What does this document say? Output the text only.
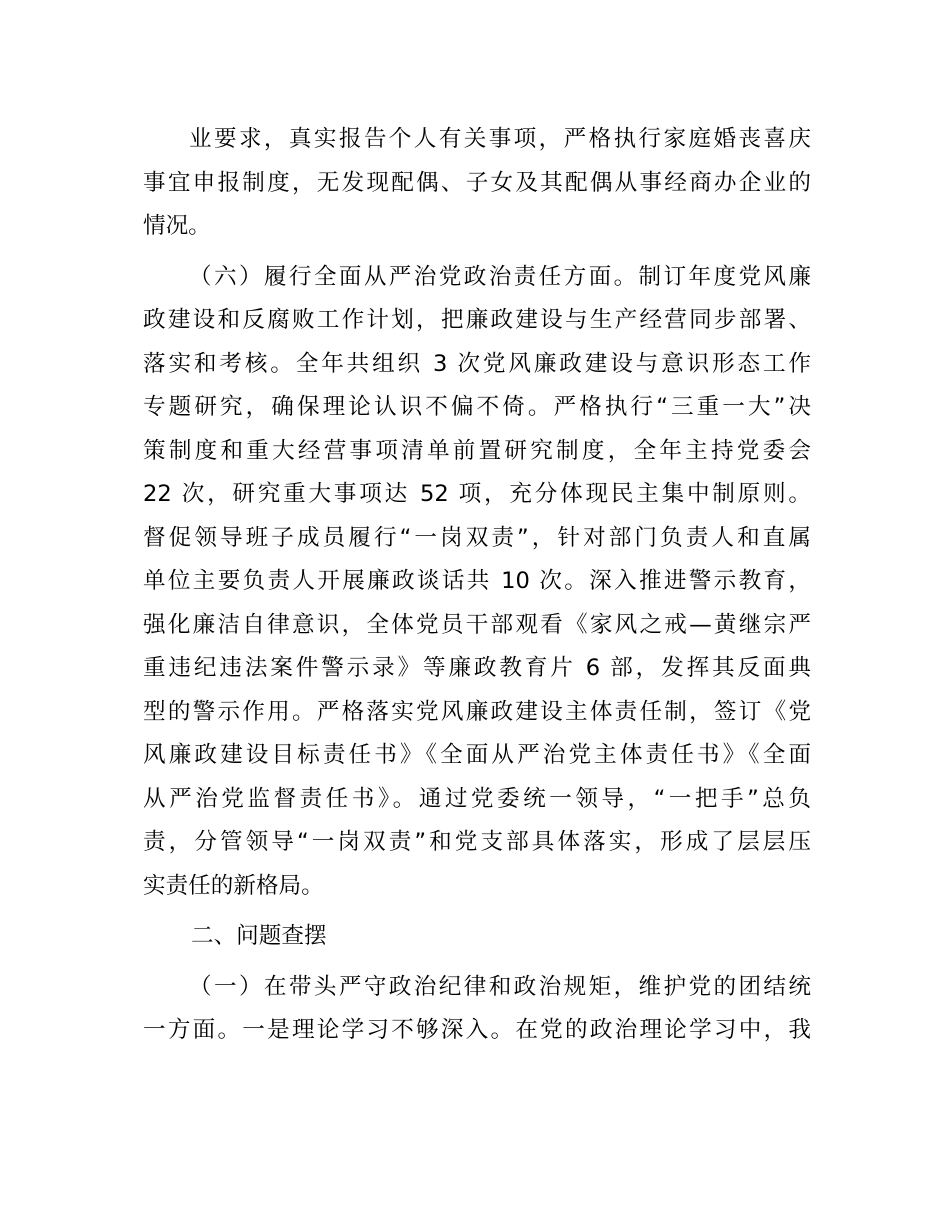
业要求，真实报告个人有关事项，严格执行家庭婚丧喜庆
事宜申报制度，无发现配偶、子女及其配偶从事经商办企业的
情况。
（六）履行全面从严治党政治责任方面。制订年度党风廉
政建设和反腐败工作计划，把廉政建设与生产经营同步部署、
落实和考核。全年共组织 3 次党风廉政建设与意识形态工作
专题研究，确保理论认识不偏不倚。严格执行“三重一大”决
策制度和重大经营事项清单前置研究制度，全年主持党委会
22 次，研究重大事项达 52 项，充分体现民主集中制原则。
督促领导班子成员履行“一岗双责”，针对部门负责人和直属
单位主要负责人开展廉政谈话共 10 次。深入推进警示教育，
强化廉洁自律意识，全体党员干部观看《家风之戒—黄继宗严
重违纪违法案件警示录》等廉政教育片 6 部，发挥其反面典
型的警示作用。严格落实党风廉政建设主体责任制，签订《党
风廉政建设目标责任书》《全面从严治党主体责任书》《全面
从严治党监督责任书》。通过党委统一领导，“一把手”总负
责，分管领导“一岗双责”和党支部具体落实，形成了层层压
实责任的新格局。
二、问题查摆
（一）在带头严守政治纪律和政治规矩，维护党的团结统
一方面。一是理论学习不够深入。在党的政治理论学习中，我
